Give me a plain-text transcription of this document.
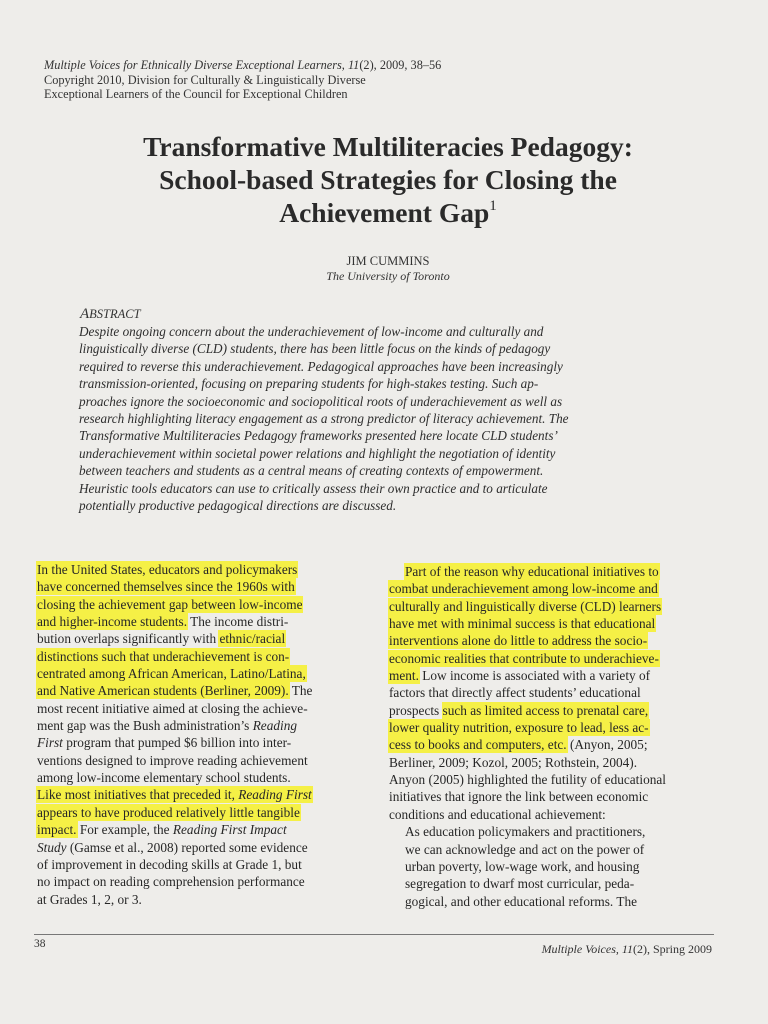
Multiple Voices for Ethnically Diverse Exceptional Learners, 11(2), 2009, 38–56
Copyright 2010, Division for Culturally & Linguistically Diverse
Exceptional Learners of the Council for Exceptional Children
Transformative Multiliteracies Pedagogy:
School-based Strategies for Closing the
Achievement Gap$^1$
JIM CUMMINS
The University of Toronto
ABSTRACT
Despite ongoing concern about the underachievement of low-income and culturally and
linguistically diverse (CLD) students, there has been little focus on the kinds of pedagogy
required to reverse this underachievement. Pedagogical approaches have been increasingly
transmission-oriented, focusing on preparing students for high-stakes testing. Such ap-
proaches ignore the socioeconomic and sociopolitical roots of underachievement as well as
research highlighting literacy engagement as a strong predictor of literacy achievement. The
Transformative Multiliteracies Pedagogy frameworks presented here locate CLD students’
underachievement within societal power relations and highlight the negotiation of identity
between teachers and students as a central means of creating contexts of empowerment.
Heuristic tools educators can use to critically assess their own practice and to articulate
potentially productive pedagogical directions are discussed.
In the United States, educators and policymakers
have concerned themselves since the 1960s with
closing the achievement gap between low-income
and higher-income students. The income distri-
bution overlaps significantly with ethnic/racial
distinctions such that underachievement is con-
centrated among African American, Latino/Latina,
and Native American students (Berliner, 2009). The
most recent initiative aimed at closing the achieve-
ment gap was the Bush administration’s Reading
First program that pumped $6 billion into inter-
ventions designed to improve reading achievement
among low-income elementary school students.
Like most initiatives that preceded it, Reading First
appears to have produced relatively little tangible
impact. For example, the Reading First Impact
Study (Gamse et al., 2008) reported some evidence
of improvement in decoding skills at Grade 1, but
no impact on reading comprehension performance
at Grades 1, 2, or 3.
Part of the reason why educational initiatives to
combat underachievement among low-income and
culturally and linguistically diverse (CLD) learners
have met with minimal success is that educational
interventions alone do little to address the socio-
economic realities that contribute to underachieve-
ment. Low income is associated with a variety of
factors that directly affect students’ educational
prospects such as limited access to prenatal care,
lower quality nutrition, exposure to lead, less ac-
cess to books and computers, etc. (Anyon, 2005;
Berliner, 2009; Kozol, 2005; Rothstein, 2004).
Anyon (2005) highlighted the futility of educational
initiatives that ignore the link between economic
conditions and educational achievement:
As education policymakers and practitioners,
we can acknowledge and act on the power of
urban poverty, low-wage work, and housing
segregation to dwarf most curricular, peda-
gogical, and other educational reforms. The
38	Multiple Voices, 11(2), Spring 2009
